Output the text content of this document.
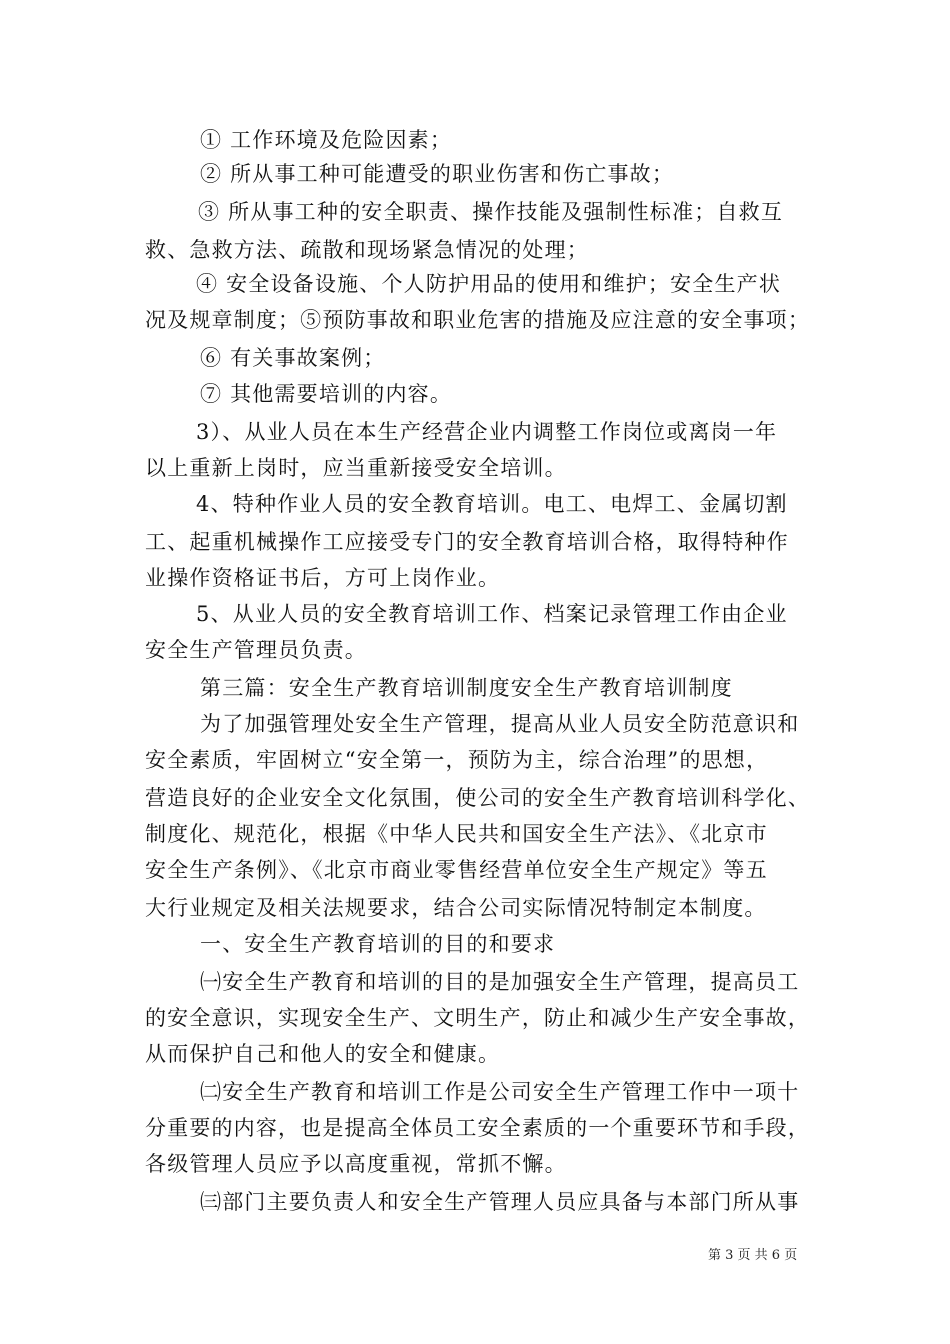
① 工作环境及危险因素；
② 所从事工种可能遭受的职业伤害和伤亡事故；
③ 所从事工种的安全职责、操作技能及强制性标准；自救互
救、急救方法、疏散和现场紧急情况的处理；
④ 安全设备设施、个人防护用品的使用和维护；安全生产状
况及规章制度；⑤预防事故和职业危害的措施及应注意的安全事项；
⑥ 有关事故案例；
⑦ 其他需要培训的内容。
3）、从业人员在本生产经营企业内调整工作岗位或离岗一年
以上重新上岗时，应当重新接受安全培训。
4、特种作业人员的安全教育培训。电工、电焊工、金属切割
工、起重机械操作工应接受专门的安全教育培训合格，取得特种作
业操作资格证书后，方可上岗作业。
5、从业人员的安全教育培训工作、档案记录管理工作由企业
安全生产管理员负责。
第三篇：安全生产教育培训制度安全生产教育培训制度
为了加强管理处安全生产管理，提高从业人员安全防范意识和
安全素质，牢固树立“安全第一，预防为主，综合治理”的思想，
营造良好的企业安全文化氛围，使公司的安全生产教育培训科学化、
制度化、规范化，根据《中华人民共和国安全生产法》、《北京市
安全生产条例》、《北京市商业零售经营单位安全生产规定》等五
大行业规定及相关法规要求，结合公司实际情况特制定本制度。
一、安全生产教育培训的目的和要求
㈠安全生产教育和培训的目的是加强安全生产管理，提高员工
的安全意识，实现安全生产、文明生产，防止和减少生产安全事故，
从而保护自己和他人的安全和健康。
㈡安全生产教育和培训工作是公司安全生产管理工作中一项十
分重要的内容，也是提高全体员工安全素质的一个重要环节和手段，
各级管理人员应予以高度重视，常抓不懈。
㈢部门主要负责人和安全生产管理人员应具备与本部门所从事
第 3 页 共 6 页
